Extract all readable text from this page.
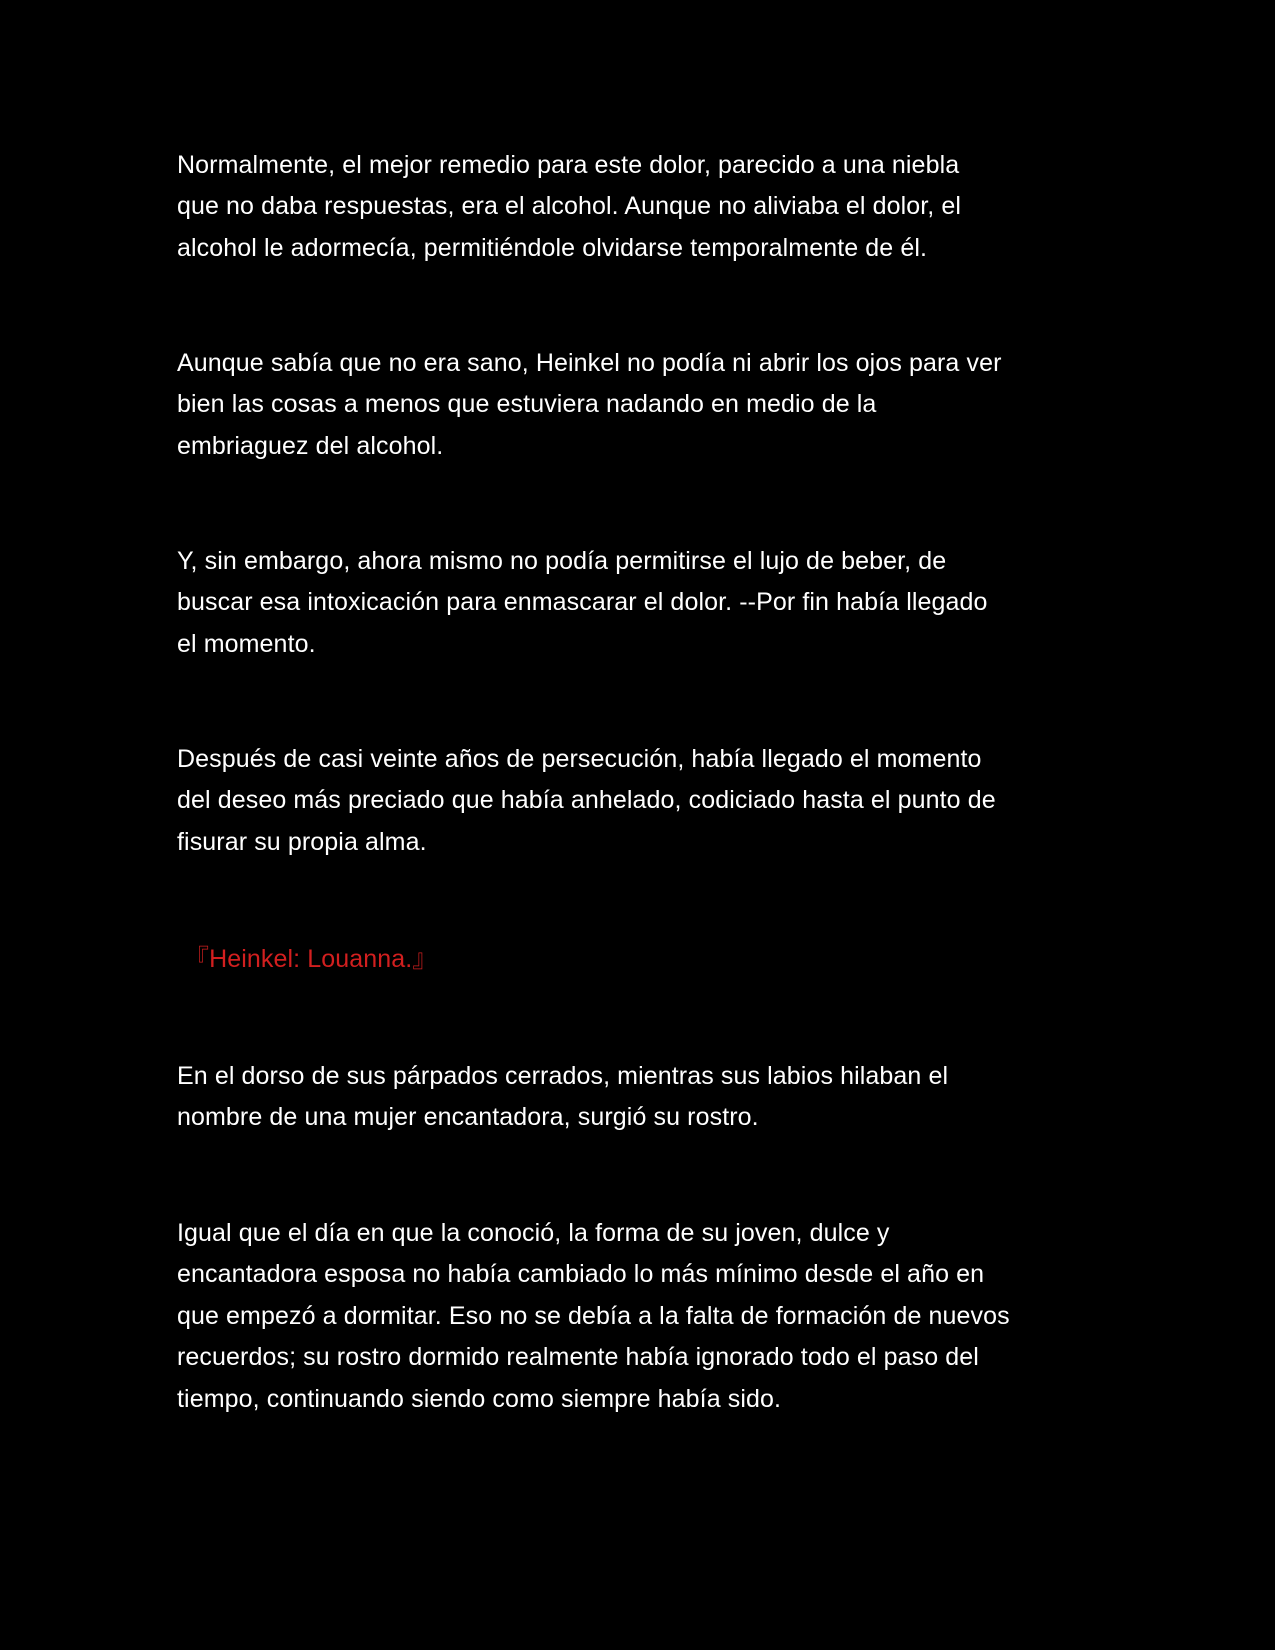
Normalmente, el mejor remedio para este dolor, parecido a una niebla
que no daba respuestas, era el alcohol. Aunque no aliviaba el dolor, el
alcohol le adormecía, permitiéndole olvidarse temporalmente de él.

Aunque sabía que no era sano, Heinkel no podía ni abrir los ojos para ver
bien las cosas a menos que estuviera nadando en medio de la
embriaguez del alcohol.

Y, sin embargo, ahora mismo no podía permitirse el lujo de beber, de
buscar esa intoxicación para enmascarar el dolor. --Por fin había llegado
el momento.

Después de casi veinte años de persecución, había llegado el momento
del deseo más preciado que había anhelado, codiciado hasta el punto de
fisurar su propia alma.

『Heinkel: Louanna.』

En el dorso de sus párpados cerrados, mientras sus labios hilaban el
nombre de una mujer encantadora, surgió su rostro.

Igual que el día en que la conoció, la forma de su joven, dulce y
encantadora esposa no había cambiado lo más mínimo desde el año en
que empezó a dormitar. Eso no se debía a la falta de formación de nuevos
recuerdos; su rostro dormido realmente había ignorado todo el paso del
tiempo, continuando siendo como siempre había sido.
